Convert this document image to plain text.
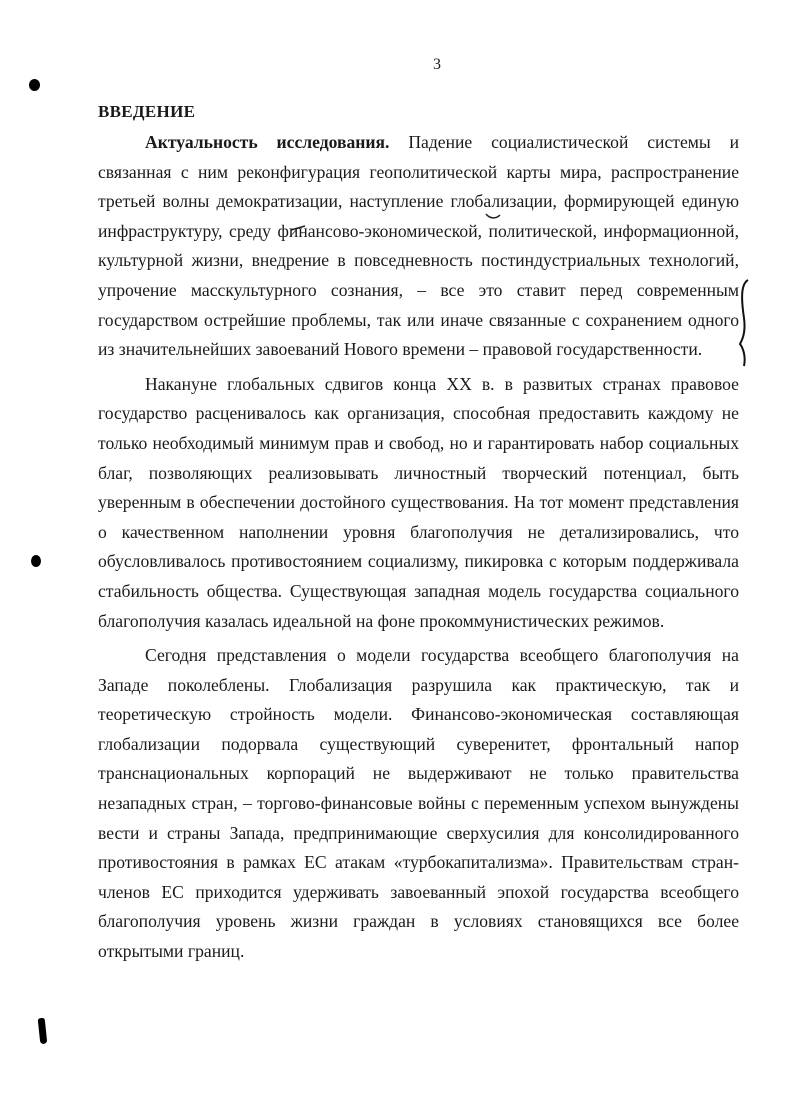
3
ВВЕДЕНИЕ

Актуальность исследования. Падение социалистической системы и связанная с ним реконфигурация геополитической карты мира, распространение третьей волны демократизации, наступление глобализации, формирующей единую инфраструктуру, среду финансово-экономической, политической, информационной, культурной жизни, внедрение в повседневность постиндустриальных технологий, упрочение масскультурного сознания, – все это ставит перед современным государством острейшие проблемы, так или иначе связанные с сохранением одного из значительнейших завоеваний Нового времени – правовой государственности.

Накануне глобальных сдвигов конца XX в. в развитых странах правовое государство расценивалось как организация, способная предоставить каждому не только необходимый минимум прав и свобод, но и гарантировать набор социальных благ, позволяющих реализовывать личностный творческий потенциал, быть уверенным в обеспечении достойного существования. На тот момент представления о качественном наполнении уровня благополучия не детализировались, что обусловливалось противостоянием социализму, пикировка с которым поддерживала стабильность общества. Существующая западная модель государства социального благополучия казалась идеальной на фоне прокоммунистических режимов.

Сегодня представления о модели государства всеобщего благополучия на Западе поколеблены. Глобализация разрушила как практическую, так и теоретическую стройность модели. Финансово-экономическая составляющая глобализации подорвала существующий суверенитет, фронтальный напор транснациональных корпораций не выдерживают не только правительства незападных стран, – торгово-финансовые войны с переменным успехом вынуждены вести и страны Запада, предпринимающие сверхусилия для консолидированного противостояния в рамках ЕС атакам «турбокапитализма». Правительствам стран-членов ЕС приходится удерживать завоеванный эпохой государства всеобщего благополучия уровень жизни граждан в условиях становящихся все более открытыми границ.
